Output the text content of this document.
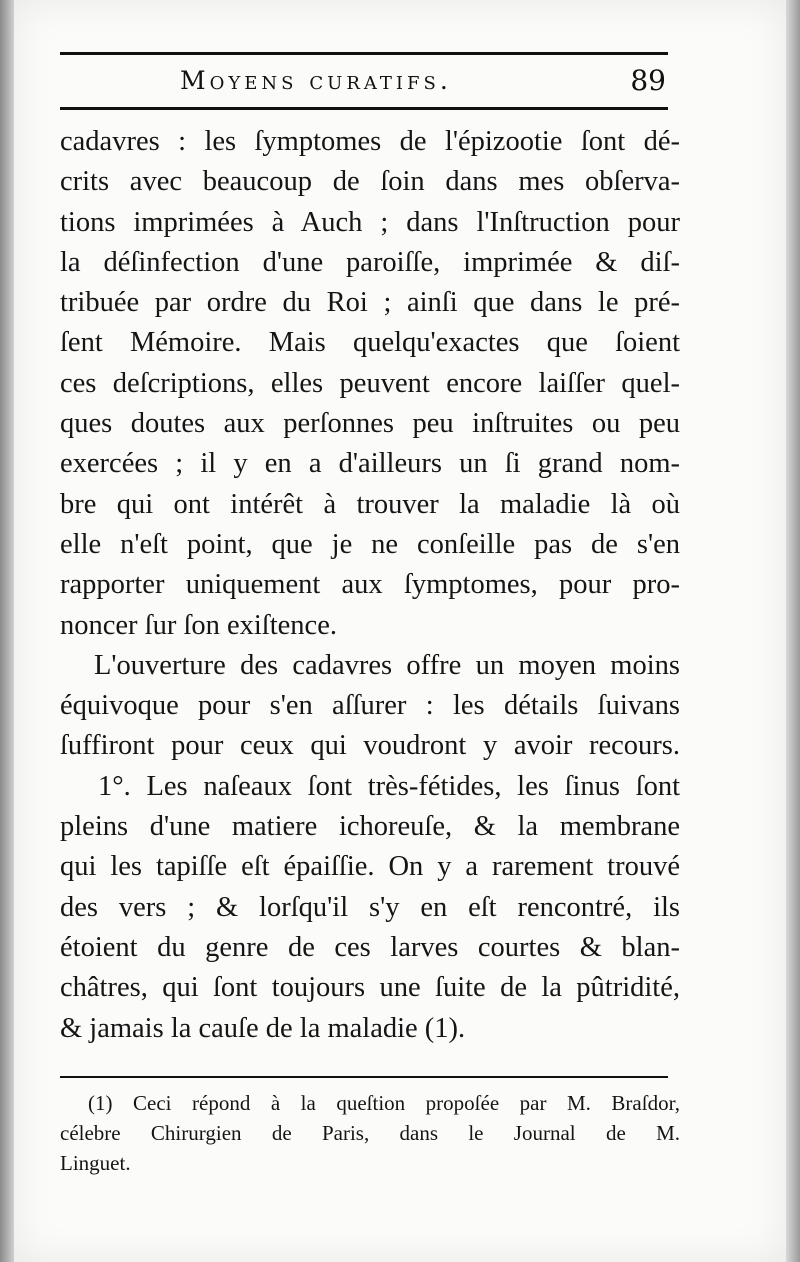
Moyens curatifs.	89
cadavres : les ſymptomes de l'épizootie ſont dé-
crits avec beaucoup de ſoin dans mes obſerva-
tions imprimées à Auch ; dans l'Inſtruction pour
la déſinfection d'une paroiſſe, imprimée & diſ-
tribuée par ordre du Roi ; ainſi que dans le pré-
ſent Mémoire. Mais quelqu'exactes que ſoient
ces deſcriptions, elles peuvent encore laiſſer quel-
ques doutes aux perſonnes peu inſtruites ou peu
exercées ; il y en a d'ailleurs un ſi grand nom-
bre qui ont intérêt à trouver la maladie là où
elle n'eſt point, que je ne conſeille pas de s'en
rapporter uniquement aux ſymptomes, pour pro-
noncer ſur ſon exiſtence.
L'ouverture des cadavres offre un moyen moins
équivoque pour s'en aſſurer : les détails ſuivans
ſuffiront pour ceux qui voudront y avoir recours.
1°. Les naſeaux ſont très-fétides, les ſinus ſont
pleins d'une matiere ichoreuſe, & la membrane
qui les tapiſſe eſt épaiſſie. On y a rarement trouvé
des vers ; & lorſqu'il s'y en eſt rencontré, ils
étoient du genre de ces larves courtes & blan-
châtres, qui ſont toujours une ſuite de la pûtridité,
& jamais la cauſe de la maladie (1).
(1) Ceci répond à la queſtion propoſée par M. Braſdor,
célebre Chirurgien de Paris, dans le Journal de M.
Linguet.
